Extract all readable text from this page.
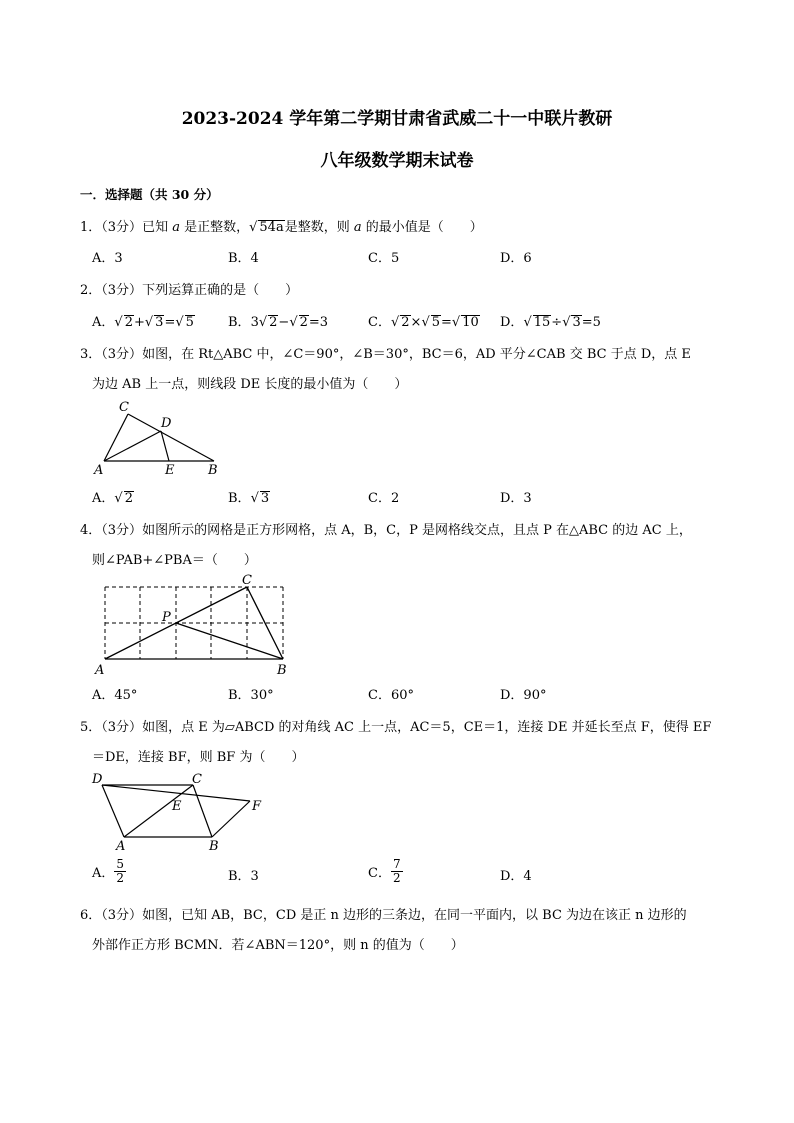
2023-2024 学年第二学期甘肃省武威二十一中联片教研
八年级数学期末试卷
一．选择题（共 30 分）
1．（3分）已知 a 是正整数，√ 54a是整数，则 a 的最小值是（　　）
A．3	B．4	C．5	D．6
2．（3分）下列运算正确的是（　　）
A．√ 2+√ 3=√ 5	B．3√ 2−√ 2=3	C．√ 2×√ 5=√ 10 D．√ 15÷√ 3=5
3．（3分）如图，在 Rt△ABC 中，∠C＝90°，∠B＝30°，BC＝6，AD 平分∠CAB 交 BC 于点 D，点 E
为边 AB 上一点，则线段 DE 长度的最小值为（　　）
C
D
A	E	B
A．√ 2	B．√ 3	C．2	D．3
4．（3分）如图所示的网格是正方形网格，点 A，B，C，P 是网格线交点，且点 P 在△ABC 的边 AC 上，
则∠PAB+∠PBA＝（　　）
C
P
A	B
A．45°	B．30°	C．60°	D．90°
5．（3分）如图，点 E 为▱ABCD 的对角线 AC 上一点，AC＝5，CE＝1，连接 DE 并延长至点 F，使得 EF
＝DE，连接 BF，则 BF 为（　　）
D	C
E	F
A	B
A． $\frac{5}{2}$	B．3	C． $\frac{7}{2}$	D．4
6．（3分）如图，已知 AB，BC，CD 是正 n 边形的三条边，在同一平面内，以 BC 为边在该正 n 边形的
外部作正方形 BCMN．若∠ABN＝120°，则 n 的值为（　　）
